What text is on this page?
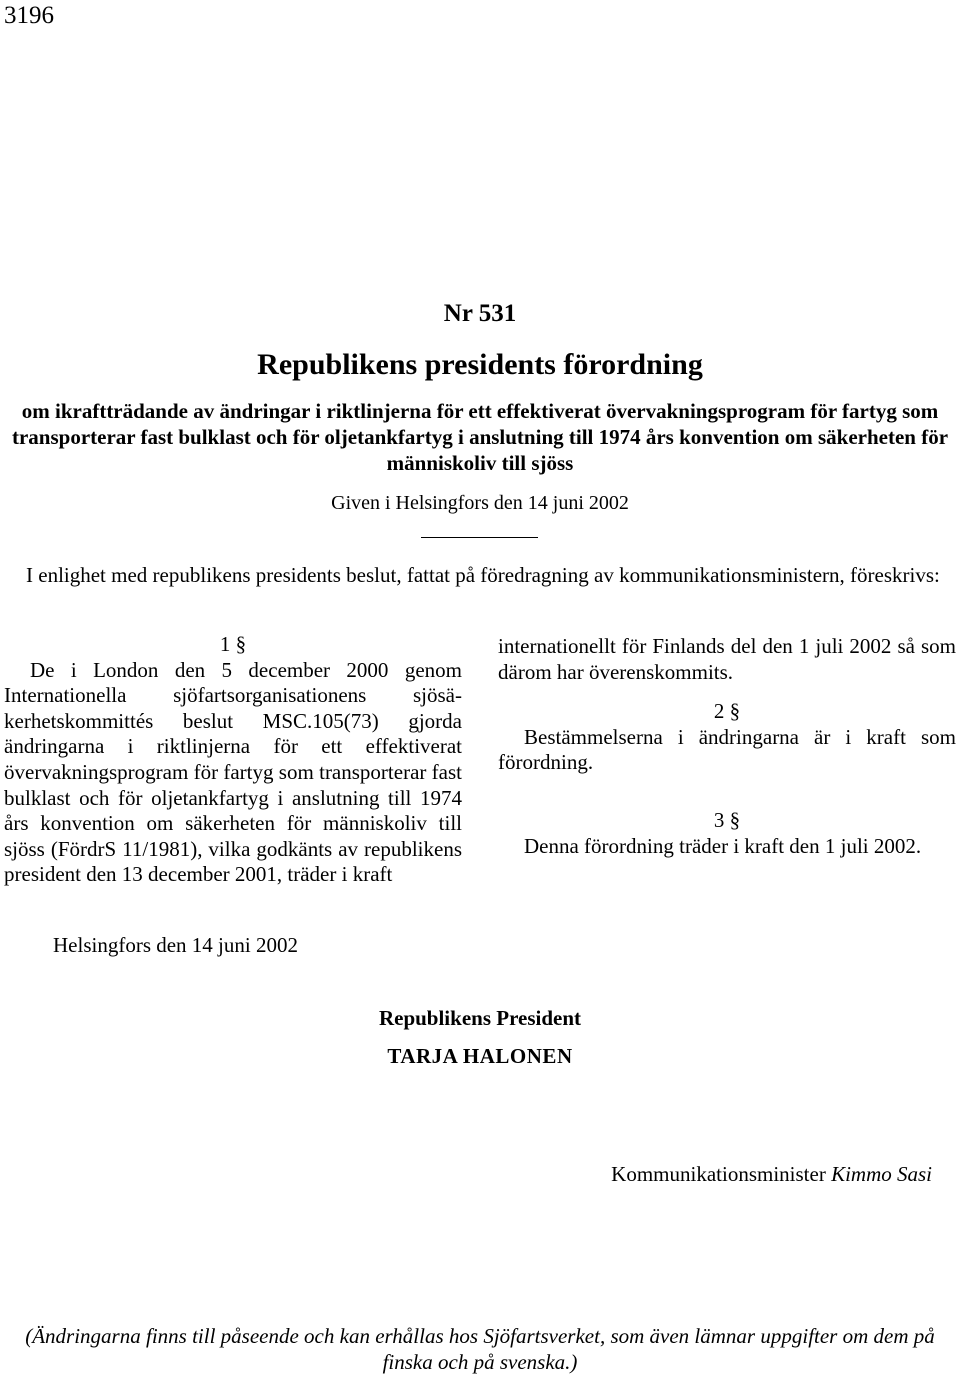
3196
Nr 531
Republikens presidents förordning
om ikraftträdande av ändringar i riktlinjerna för ett effektiverat övervakningsprogram för fartyg som transporterar fast bulklast och för oljetankfartyg i anslutning till 1974 års konvention om säkerheten för människoliv till sjöss
Given i Helsingfors den 14 juni 2002
I enlighet med republikens presidents beslut, fattat på föredragning av kommunikationsministern, föreskrivs:

1 §

De i London den 5 december 2000 genom Internationella sjöfartsorganisationens sjösäkerhetskommittés beslut MSC.105(73) gjorda ändringarna i riktlinjerna för ett effektiverat övervakningsprogram för fartyg som transporterar fast bulklast och för oljetankfartyg i anslutning till 1974 års konvention om säkerheten för människoliv till sjöss (FördrS 11/1981), vilka godkänts av republikens president den 13 december 2001, träder i kraft

internationellt för Finlands del den 1 juli 2002 så som därom har överenskommits.

2 §

Bestämmelserna i ändringarna är i kraft som förordning.

3 §

Denna förordning träder i kraft den 1 juli 2002.

Helsingfors den 14 juni 2002
Republikens President
TARJA HALONEN
Kommunikationsminister Kimmo Sasi
(Ändringarna finns till påseende och kan erhållas hos Sjöfartsverket, som även lämnar uppgifter om dem på finska och på svenska.)
